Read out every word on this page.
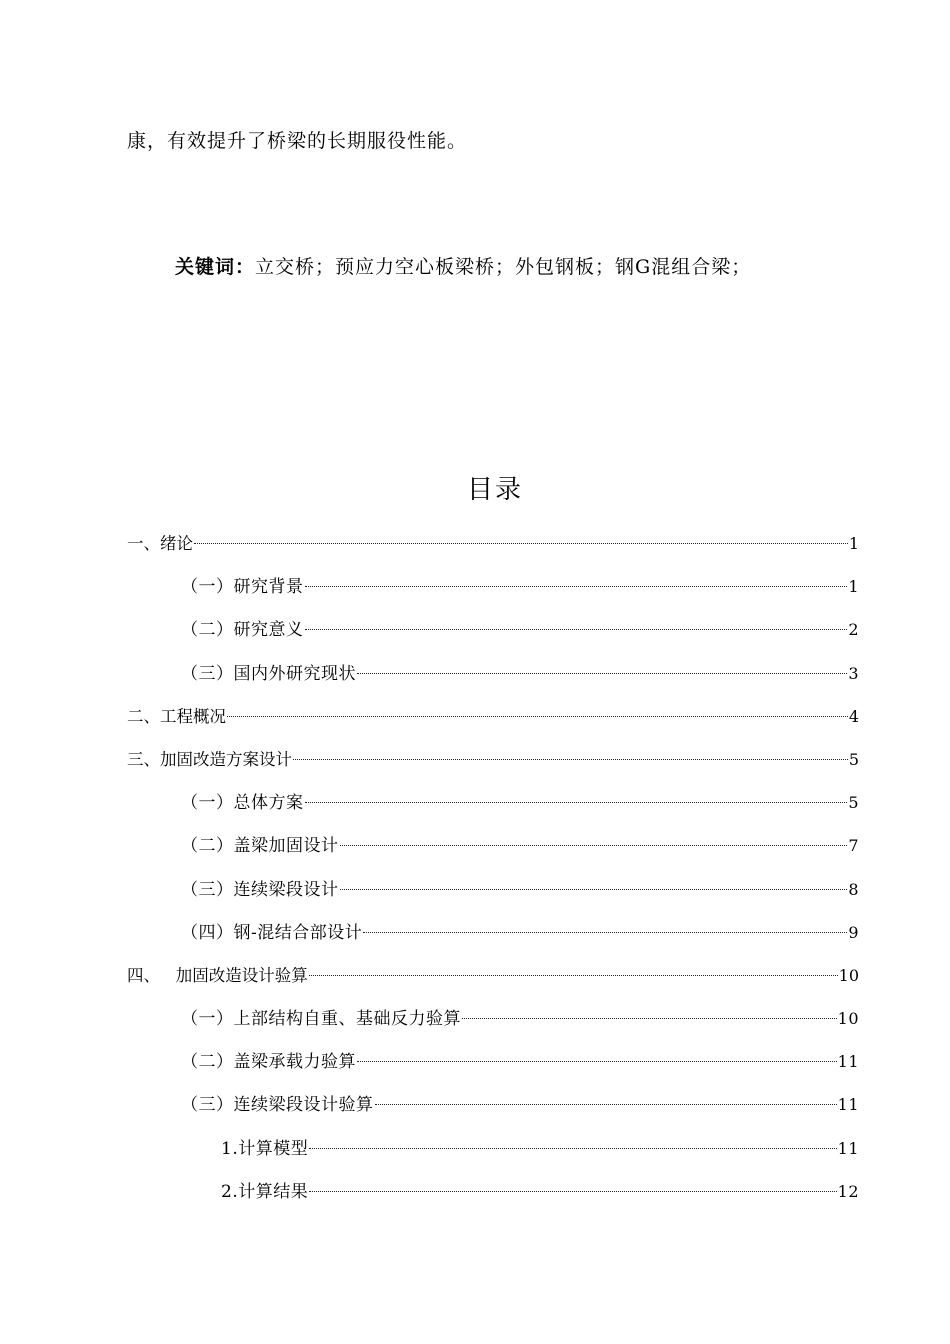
康，有效提升了桥梁的长期服役性能。
关键词：立交桥；预应力空心板梁桥；外包钢板；钢G混组合梁；
目录
一、绪论	1
（一）研究背景	1
（二）研究意义	2
（三）国内外研究现状	3
二、工程概况	4
三、加固改造方案设计	5
（一）总体方案	5
（二）盖梁加固设计	7
（三）连续梁段设计	8
（四）钢-混结合部设计	9
四、   加固改造设计验算	10
（一）上部结构自重、基础反力验算	10
（二）盖梁承载力验算	11
（三）连续梁段设计验算	11
1.计算模型	11
2.计算结果	12
